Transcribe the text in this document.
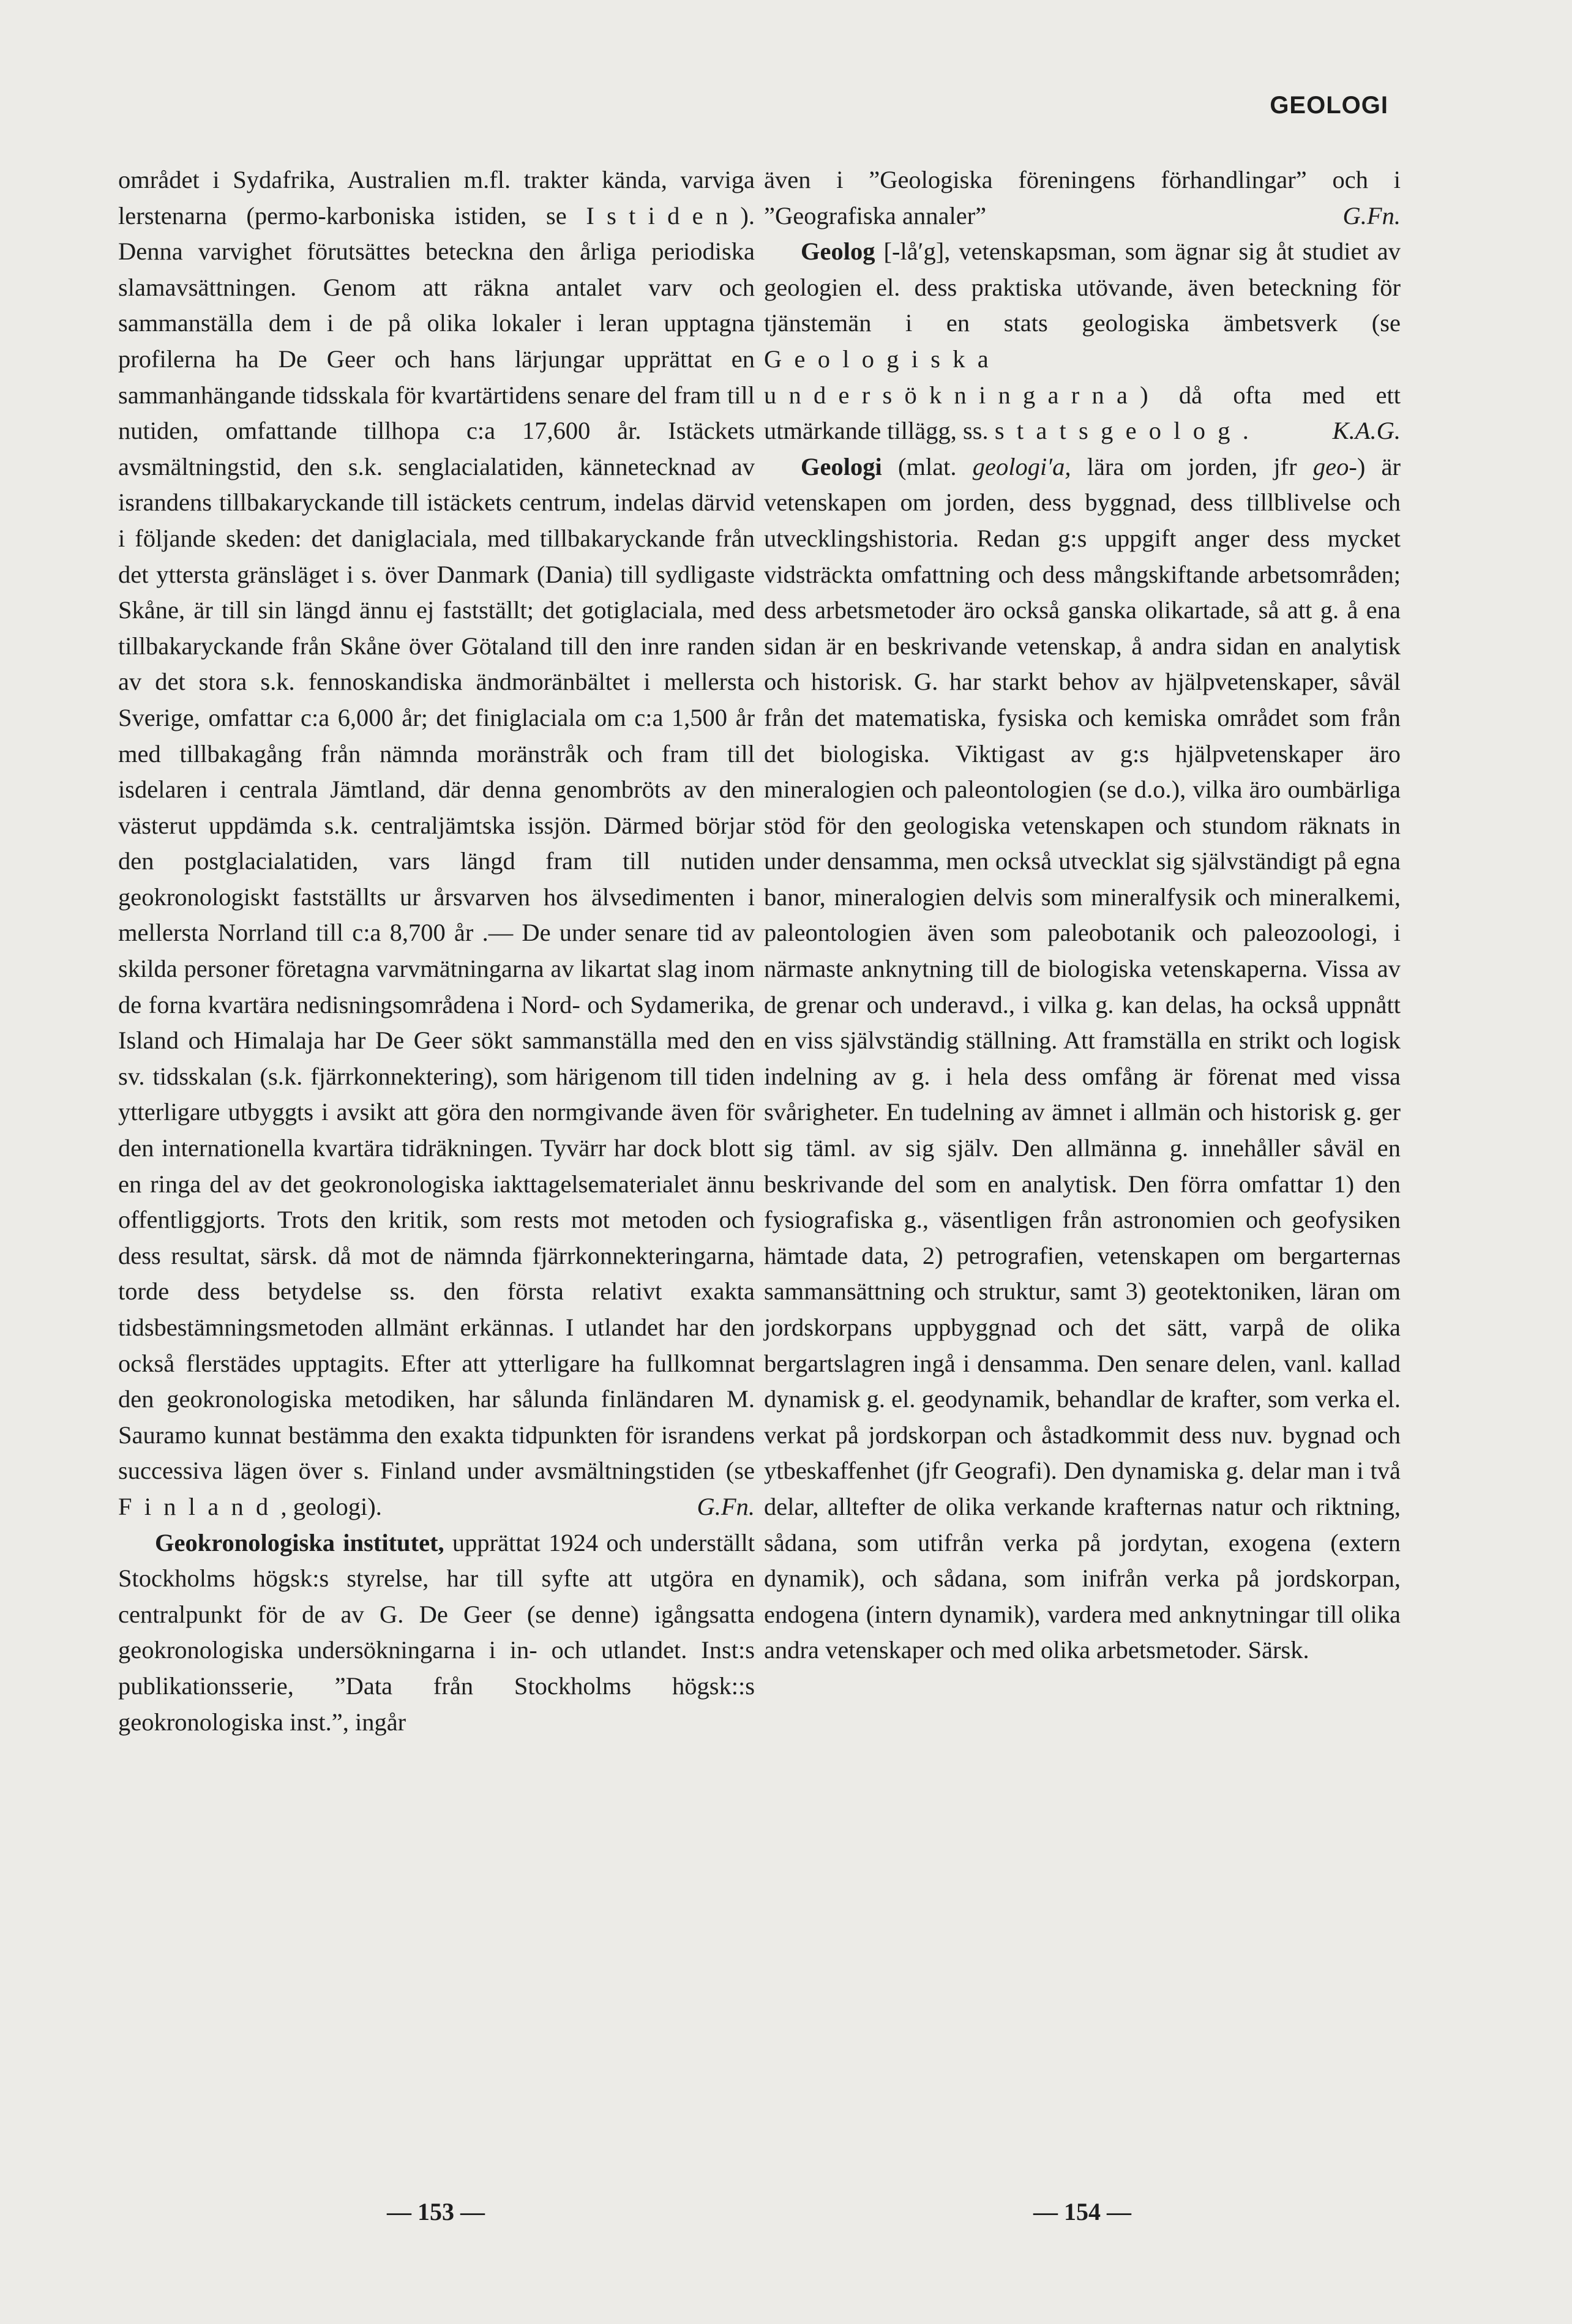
GEOLOGI

området i Sydafrika, Australien m.fl. trakter kända, varviga lerstenarna (permo-karboniska istiden, se Istiden). Denna varvighet förutsättes beteckna den årliga periodiska slamavsättningen. Genom att räkna antalet varv och sammanställa dem i de på olika lokaler i leran upptagna profilerna ha De Geer och hans lärjungar upprättat en sammanhängande tidsskala för kvartärtidens senare del fram till nutiden, omfattande tillhopa c:a 17,600 år. Istäckets avsmältningstid, den s.k. senglacialatiden, kännetecknad av israndens tillbakaryckande till istäckets centrum, indelas därvid i följande skeden: det daniglaciala, med tillbakaryckande från det yttersta gränsläget i s. över Danmark (Dania) till sydligaste Skåne, är till sin längd ännu ej fastställt; det gotiglaciala, med tillbakaryckande från Skåne över Götaland till den inre randen av det stora s.k. fennoskandiska ändmoränbältet i mellersta Sverige, omfattar c:a 6,000 år; det finiglaciala om c:a 1,500 år med tillbakagång från nämnda moränstråk och fram till isdelaren i centrala Jämtland, där denna genombröts av den västerut uppdämda s.k. centraljämtska issjön. Därmed börjar den postglacialatiden, vars längd fram till nutiden geokronologiskt fastställts ur årsvarven hos älvsedimenten i mellersta Norrland till c:a 8,700 år .— De under senare tid av skilda personer företagna varvmätningarna av likartat slag inom de forna kvartära nedisningsområdena i Nord- och Sydamerika, Island och Himalaja har De Geer sökt sammanställa med den sv. tidsskalan (s.k. fjärrkonnektering), som härigenom till tiden ytterligare utbyggts i avsikt att göra den normgivande även för den internationella kvartära tidräkningen. Tyvärr har dock blott en ringa del av det geokronologiska iakttagelsematerialet ännu offentliggjorts. Trots den kritik, som rests mot metoden och dess resultat, särsk. då mot de nämnda fjärrkonnekteringarna, torde dess betydelse ss. den första relativt exakta tidsbestämningsmetoden allmänt erkännas. I utlandet har den också flerstädes upptagits. Efter att ytterligare ha fullkomnat den geokronologiska metodiken, har sålunda finländaren M. Sauramo kunnat bestämma den exakta tidpunkten för israndens successiva lägen över s. Finland under avsmältningstiden (se Finland, geologi).	G.Fn.

Geokronologiska institutet, upprättat 1924 och underställt Stockholms högsk:s styrelse, har till syfte att utgöra en centralpunkt för de av G. De Geer (se denne) igångsatta geokronologiska undersökningarna i in- och utlandet. Inst:s publikationsserie, ”Data från Stockholms högsk::s geokronologiska inst.”, ingår

även i ”Geologiska föreningens förhandlingar” och i ”Geografiska annaler”	G.Fn.

Geolog [-lå′g], vetenskapsman, som ägnar sig åt studiet av geologien el. dess praktiska utövande, även beteckning för tjänstemän i en stats geologiska ämbetsverk (se Geologiska undersökningarna) då ofta med ett utmärkande tillägg, ss. statsgeolog.	K.A.G.

Geologi (mlat. geologi′a, lära om jorden, jfr geo-) är vetenskapen om jorden, dess byggnad, dess tillblivelse och utvecklingshistoria. Redan g:s uppgift anger dess mycket vidsträckta omfattning och dess mångskiftande arbetsområden; dess arbetsmetoder äro också ganska olikartade, så att g. å ena sidan är en beskrivande vetenskap, å andra sidan en analytisk och historisk. G. har starkt behov av hjälpvetenskaper, såväl från det matematiska, fysiska och kemiska området som från det biologiska. Viktigast av g:s hjälpvetenskaper äro mineralogien och paleontologien (se d.o.), vilka äro oumbärliga stöd för den geologiska vetenskapen och stundom räknats in under densamma, men också utvecklat sig självständigt på egna banor, mineralogien delvis som mineralfysik och mineralkemi, paleontologien även som paleobotanik och paleozoologi, i närmaste anknytning till de biologiska vetenskaperna. Vissa av de grenar och underavd., i vilka g. kan delas, ha också uppnått en viss självständig ställning. Att framställa en strikt och logisk indelning av g. i hela dess omfång är förenat med vissa svårigheter. En tudelning av ämnet i allmän och historisk g. ger sig täml. av sig själv. Den allmänna g. innehåller såväl en beskrivande del som en analytisk. Den förra omfattar 1) den fysiografiska g., väsentligen från astronomien och geofysiken hämtade data, 2) petrografien, vetenskapen om bergarternas sammansättning och struktur, samt 3) geotektoniken, läran om jordskorpans uppbyggnad och det sätt, varpå de olika bergartslagren ingå i densamma. Den senare delen, vanl. kallad dynamisk g. el. geodynamik, behandlar de krafter, som verka el. verkat på jordskorpan och åstadkommit dess nuv. bygnad och ytbeskaffenhet (jfr Geografi). Den dynamiska g. delar man i två delar, alltefter de olika verkande krafternas natur och riktning, sådana, som utifrån verka på jordytan, exogena (extern dynamik), och sådana, som inifrån verka på jordskorpan, endogena (intern dynamik), vardera med anknytningar till olika andra vetenskaper och med olika arbetsmetoder. Särsk.

— 153 —	— 154 —
